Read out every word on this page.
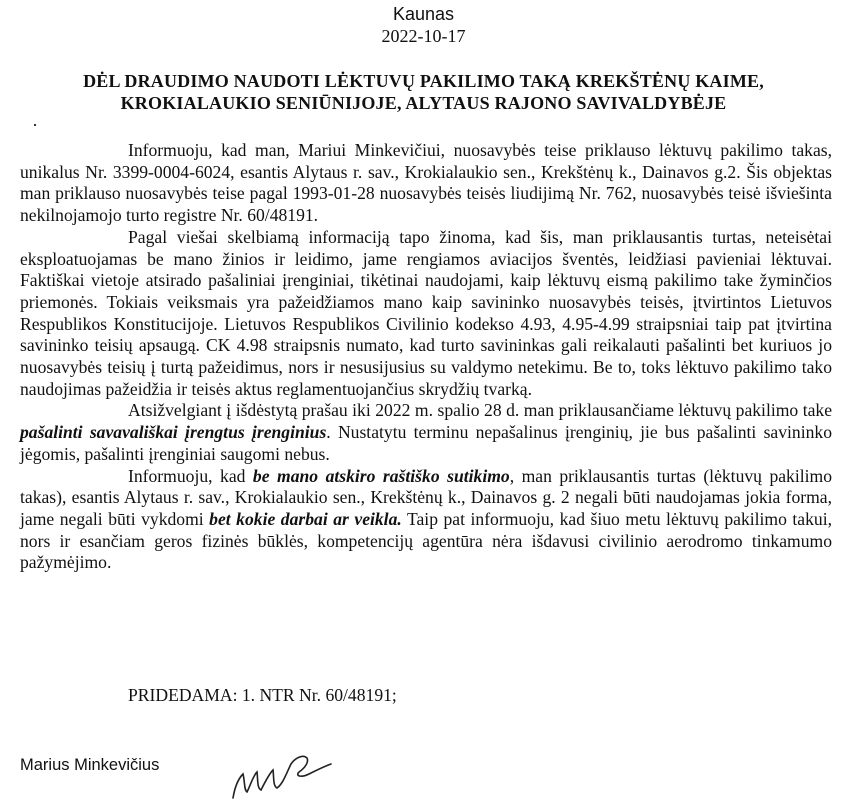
Kaunas
2022-10-17
DĖL DRAUDIMO NAUDOTI LĖKTUVŲ PAKILIMO TAKĄ KREKŠTĖNŲ KAIME,
KROKIALAUKIO SENIŪNIJOJE, ALYTAUS RAJONO SAVIVALDYBĖJE

Informuoju, kad man, Mariui Minkevičiui, nuosavybės teise priklauso lėktuvų pakilimo takas, unikalus Nr. 3399-0004-6024, esantis Alytaus r. sav., Krokialaukio sen., Krekštėnų k., Dainavos g.2. Šis objektas man priklauso nuosavybės teise pagal 1993-01-28 nuosavybės teisės liudijimą Nr. 762, nuosavybės teisė išviešinta nekilnojamojo turto registre Nr. 60/48191.

Pagal viešai skelbiamą informaciją tapo žinoma, kad šis, man priklausantis turtas, neteisėtai eksploatuojamas be mano žinios ir leidimo, jame rengiamos aviacijos šventės, leidžiasi pavieniai lėktuvai. Faktiškai vietoje atsirado pašaliniai įrenginiai, tikėtinai naudojami, kaip lėktuvų eismą pakilimo take žyminčios priemonės. Tokiais veiksmais yra pažeidžiamos mano kaip savininko nuosavybės teisės, įtvirtintos Lietuvos Respublikos Konstitucijoje. Lietuvos Respublikos Civilinio kodekso 4.93, 4.95-4.99 straipsniai taip pat įtvirtina savininko teisių apsaugą. CK 4.98 straipsnis numato, kad turto savininkas gali reikalauti pašalinti bet kuriuos jo nuosavybės teisių į turtą pažeidimus, nors ir nesusijusius su valdymo netekimu. Be to, toks lėktuvo pakilimo tako naudojimas pažeidžia ir teisės aktus reglamentuojančius skrydžių tvarką.

Atsižvelgiant į išdėstytą prašau iki 2022 m. spalio 28 d. man priklausančiame lėktuvų pakilimo take pašalinti savavališkai įrengtus įrenginius. Nustatytu terminu nepašalinus įrenginių, jie bus pašalinti savininko jėgomis, pašalinti įrenginiai saugomi nebus.

Informuoju, kad be mano atskiro raštiško sutikimo, man priklausantis turtas (lėktuvų pakilimo takas), esantis Alytaus r. sav., Krokialaukio sen., Krekštėnų k., Dainavos g. 2 negali būti naudojamas jokia forma, jame negali būti vykdomi bet kokie darbai ar veikla. Taip pat informuoju, kad šiuo metu lėktuvų pakilimo takui, nors ir esančiam geros fizinės būklės, kompetencijų agentūra nėra išdavusi civilinio aerodromo tinkamumo pažymėjimo.

PRIDEDAMA: 1. NTR Nr. 60/48191;
Marius Minkevičius
